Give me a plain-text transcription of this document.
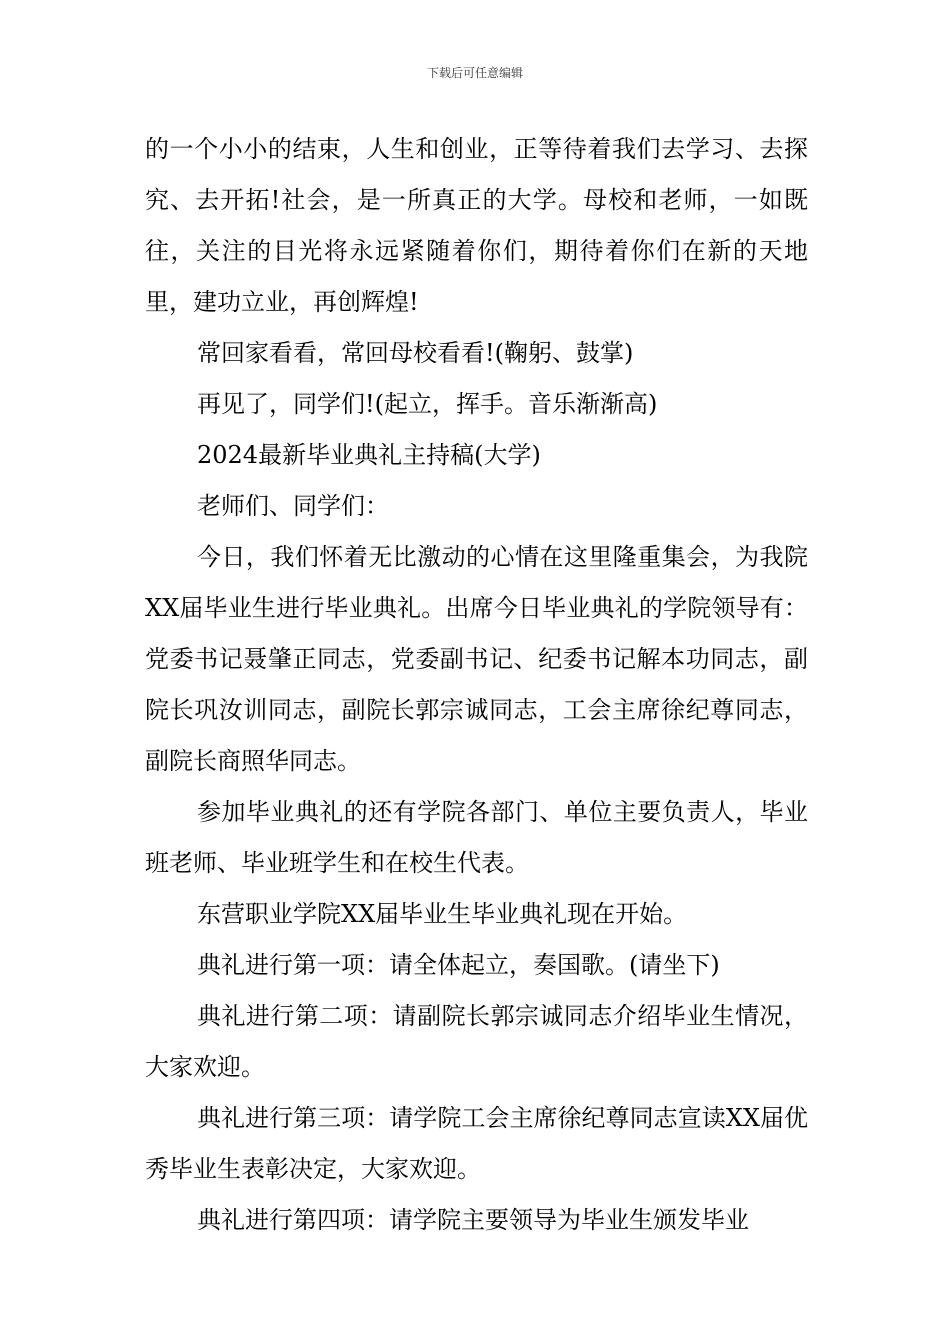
下载后可任意编辑

的一个小小的结束，人生和创业，正等待着我们去学习、去探究、去开拓!社会，是一所真正的大学。母校和老师，一如既往，关注的目光将永远紧随着你们，期待着你们在新的天地里，建功立业，再创辉煌!

常回家看看，常回母校看看!(鞠躬、鼓掌)

再见了，同学们!(起立，挥手。音乐渐渐高)

2024最新毕业典礼主持稿(大学)

老师们、同学们：

今日，我们怀着无比激动的心情在这里隆重集会，为我院XX届毕业生进行毕业典礼。出席今日毕业典礼的学院领导有：党委书记聂肇正同志，党委副书记、纪委书记解本功同志，副院长巩汝训同志，副院长郭宗诚同志，工会主席徐纪尊同志，副院长商照华同志。

参加毕业典礼的还有学院各部门、单位主要负责人，毕业班老师、毕业班学生和在校生代表。

东营职业学院XX届毕业生毕业典礼现在开始。

典礼进行第一项：请全体起立，奏国歌。(请坐下)

典礼进行第二项：请副院长郭宗诚同志介绍毕业生情况，大家欢迎。

典礼进行第三项：请学院工会主席徐纪尊同志宣读XX届优秀毕业生表彰决定，大家欢迎。

典礼进行第四项：请学院主要领导为毕业生颁发毕业
